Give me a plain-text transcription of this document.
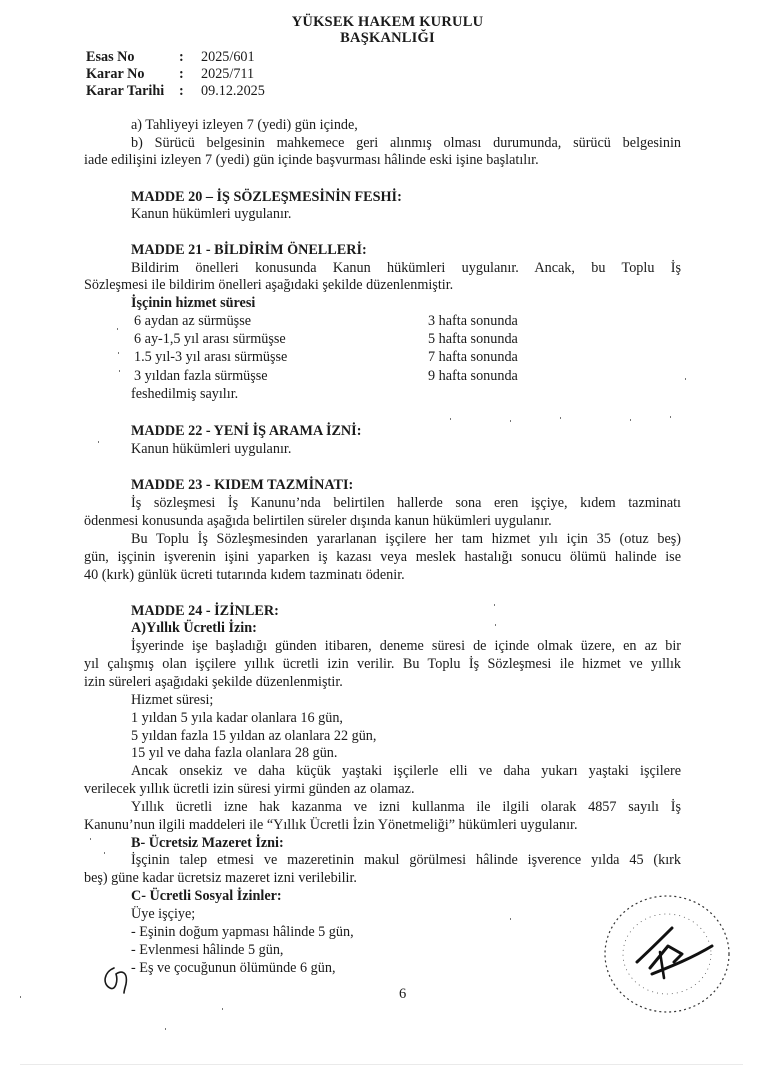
YÜKSEK HAKEM KURULU
BAŞKANLIĞI
Esas No	: 2025/601
Karar No : 2025/711
Karar Tarihi : 09.12.2025
a) Tahliyeyi izleyen 7 (yedi) gün içinde,
b) Sürücü belgesinin mahkemece geri alınmış olması durumunda, sürücü belgesinin
iade edilişini izleyen 7 (yedi) gün içinde başvurması hâlinde eski işine başlatılır.
MADDE 20 – İŞ SÖZLEŞMESİNİN FESHİ:
Kanun hükümleri uygulanır.
MADDE 21 - BİLDİRİM ÖNELLERİ:
Bildirim önelleri konusunda Kanun hükümleri uygulanır. Ancak, bu Toplu İş
Sözleşmesi ile bildirim önelleri aşağıdaki şekilde düzenlenmiştir.
İşçinin hizmet süresi
6 aydan az sürmüşse	3 hafta sonunda
6 ay-1,5 yıl arası sürmüşse	5 hafta sonunda
1.5 yıl-3 yıl arası sürmüşse	7 hafta sonunda
3 yıldan fazla sürmüşse	9 hafta sonunda
feshedilmiş sayılır.
MADDE 22 - YENİ İŞ ARAMA İZNİ:
Kanun hükümleri uygulanır.
MADDE 23 - KIDEM TAZMİNATI:
İş sözleşmesi İş Kanunu’nda belirtilen hallerde sona eren işçiye, kıdem tazminatı
ödenmesi konusunda aşağıda belirtilen süreler dışında kanun hükümleri uygulanır.
Bu Toplu İş Sözleşmesinden yararlanan işçilere her tam hizmet yılı için 35 (otuz beş)
gün, işçinin işverenin işini yaparken iş kazası veya meslek hastalığı sonucu ölümü halinde ise
40 (kırk) günlük ücreti tutarında kıdem tazminatı ödenir.
MADDE 24 - İZİNLER:
A)Yıllık Ücretli İzin:
İşyerinde işe başladığı günden itibaren, deneme süresi de içinde olmak üzere, en az bir
yıl çalışmış olan işçilere yıllık ücretli izin verilir. Bu Toplu İş Sözleşmesi ile hizmet ve yıllık
izin süreleri aşağıdaki şekilde düzenlenmiştir.
Hizmet süresi;
1 yıldan 5 yıla kadar olanlara 16 gün,
5 yıldan fazla 15 yıldan az olanlara 22 gün,
15 yıl ve daha fazla olanlara 28 gün.
Ancak onsekiz ve daha küçük yaştaki işçilerle elli ve daha yukarı yaştaki işçilere
verilecek yıllık ücretli izin süresi yirmi günden az olamaz.
Yıllık ücretli izne hak kazanma ve izni kullanma ile ilgili olarak 4857 sayılı İş
Kanunu’nun ilgili maddeleri ile “Yıllık Ücretli İzin Yönetmeliği” hükümleri uygulanır.
B- Ücretsiz Mazeret İzni:
İşçinin talep etmesi ve mazeretinin makul görülmesi hâlinde işverence yılda 45 (kırk
beş) güne kadar ücretsiz mazeret izni verilebilir.
C- Ücretli Sosyal İzinler:
Üye işçiye;
- Eşinin doğum yapması hâlinde 5 gün,
- Evlenmesi hâlinde 5 gün,
- Eş ve çocuğunun ölümünde 6 gün,
6
